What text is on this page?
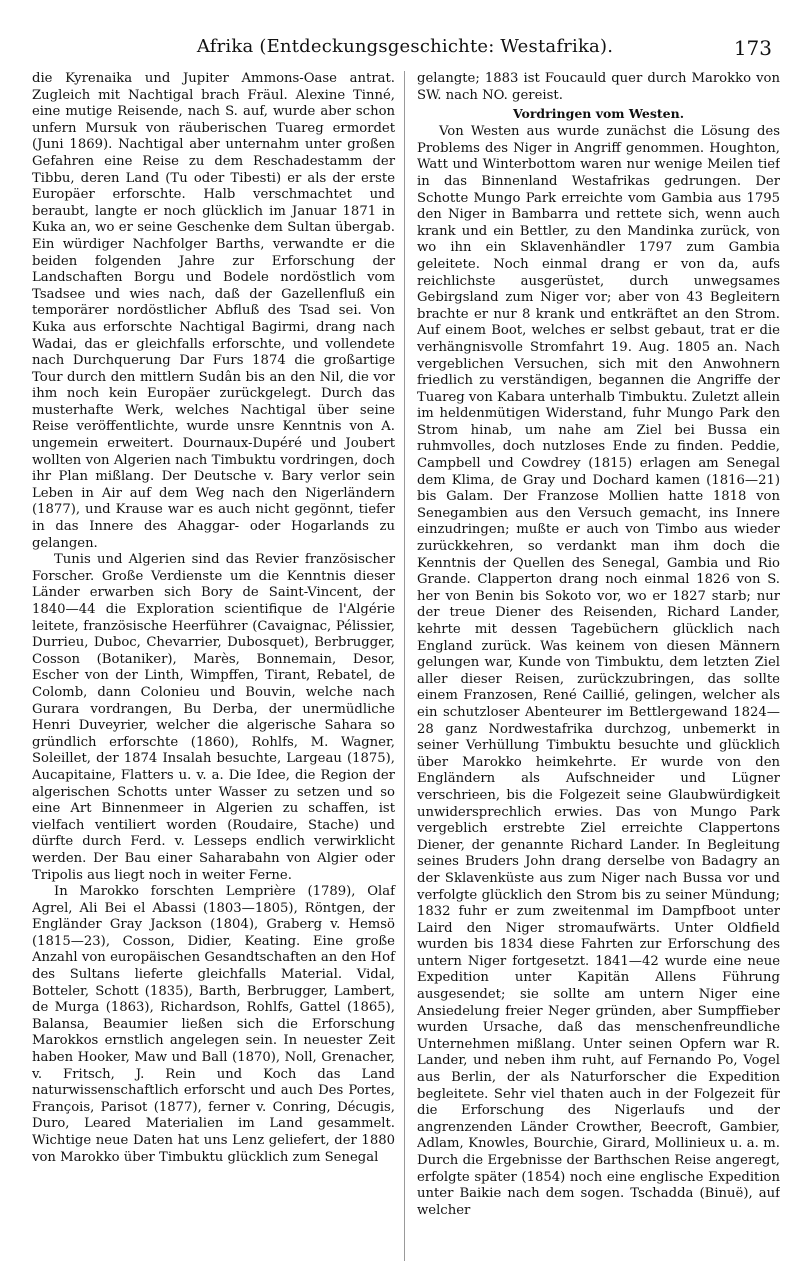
Afrika (Entdeckungsgeschichte: Westafrika).	173

die Kyrenaika und Jupiter Ammons-Oase antrat. Zugleich mit Nachtigal brach Fräul. Alexine Tinné, eine mutige Reisende, nach S. auf, wurde aber schon unfern Mursuk von räuberischen Tuareg ermordet (Juni 1869). Nachtigal aber unternahm unter großen Gefahren eine Reise zu dem Reschadestamm der Tibbu, deren Land (Tu oder Tibesti) er als der erste Europäer erforschte. Halb verschmachtet und beraubt, langte er noch glücklich im Januar 1871 in Kuka an, wo er seine Geschenke dem Sultan übergab. Ein würdiger Nachfolger Barths, verwandte er die beiden folgenden Jahre zur Erforschung der Landschaften Borgu und Bodele nordöstlich vom Tsadsee und wies nach, daß der Gazellenfluß ein temporärer nordöstlicher Abfluß des Tsad sei. Von Kuka aus erforschte Nachtigal Bagirmi, drang nach Wadai, das er gleichfalls erforschte, und vollendete nach Durchquerung Dar Furs 1874 die großartige Tour durch den mittlern Sudân bis an den Nil, die vor ihm noch kein Europäer zurückgelegt. Durch das musterhafte Werk, welches Nachtigal über seine Reise veröffentlichte, wurde unsre Kenntnis von A. ungemein erweitert. Dournaux-Dupéré und Joubert wollten von Algerien nach Timbuktu vordringen, doch ihr Plan mißlang. Der Deutsche v. Bary verlor sein Leben in Air auf dem Weg nach den Nigerländern (1877), und Krause war es auch nicht gegönnt, tiefer in das Innere des Ahaggar- oder Hogarlands zu gelangen.

Tunis und Algerien sind das Revier französischer Forscher. Große Verdienste um die Kenntnis dieser Länder erwarben sich Bory de Saint-Vincent, der 1840—44 die Exploration scientifique de l'Algérie leitete, französische Heerführer (Cavaignac, Pélissier, Durrieu, Duboc, Chevarrier, Dubosquet), Berbrugger, Cosson (Botaniker), Marès, Bonnemain, Desor, Escher von der Linth, Wimpffen, Tirant, Rebatel, de Colomb, dann Colonieu und Bouvin, welche nach Gurara vordrangen, Bu Derba, der unermüdliche Henri Duveyrier, welcher die algerische Sahara so gründlich erforschte (1860), Rohlfs, M. Wagner, Soleillet, der 1874 Insalah besuchte, Largeau (1875), Aucapitaine, Flatters u. v. a. Die Idee, die Region der algerischen Schotts unter Wasser zu setzen und so eine Art Binnenmeer in Algerien zu schaffen, ist vielfach ventiliert worden (Roudaire, Stache) und dürfte durch Ferd. v. Lesseps endlich verwirklicht werden. Der Bau einer Saharabahn von Algier oder Tripolis aus liegt noch in weiter Ferne.

In Marokko forschten Lemprière (1789), Olaf Agrel, Ali Bei el Abassi (1803—1805), Röntgen, der Engländer Gray Jackson (1804), Graberg v. Hemsö (1815—23), Cosson, Didier, Keating. Eine große Anzahl von europäischen Gesandtschaften an den Hof des Sultans lieferte gleichfalls Material. Vidal, Botteler, Schott (1835), Barth, Berbrugger, Lambert, de Murga (1863), Richardson, Rohlfs, Gattel (1865), Balansa, Beaumier ließen sich die Erforschung Marokkos ernstlich angelegen sein. In neuester Zeit haben Hooker, Maw und Ball (1870), Noll, Grenacher, v. Fritsch, J. Rein und Koch das Land naturwissenschaftlich erforscht und auch Des Portes, François, Parisot (1877), ferner v. Conring, Décugis, Duro, Leared Materialien im Land gesammelt. Wichtige neue Daten hat uns Lenz geliefert, der 1880 von Marokko über Timbuktu glücklich zum Senegal

gelangte; 1883 ist Foucauld quer durch Marokko von SW. nach NO. gereist.

Vordringen vom Westen.

Von Westen aus wurde zunächst die Lösung des Problems des Niger in Angriff genommen. Houghton, Watt und Winterbottom waren nur wenige Meilen tief in das Binnenland Westafrikas gedrungen. Der Schotte Mungo Park erreichte vom Gambia aus 1795 den Niger in Bambarra und rettete sich, wenn auch krank und ein Bettler, zu den Mandinka zurück, von wo ihn ein Sklavenhändler 1797 zum Gambia geleitete. Noch einmal drang er von da, aufs reichlichste ausgerüstet, durch unwegsames Gebirgsland zum Niger vor; aber von 43 Begleitern brachte er nur 8 krank und entkräftet an den Strom. Auf einem Boot, welches er selbst gebaut, trat er die verhängnisvolle Stromfahrt 19. Aug. 1805 an. Nach vergeblichen Versuchen, sich mit den Anwohnern friedlich zu verständigen, begannen die Angriffe der Tuareg von Kabara unterhalb Timbuktu. Zuletzt allein im heldenmütigen Widerstand, fuhr Mungo Park den Strom hinab, um nahe am Ziel bei Bussa ein ruhmvolles, doch nutzloses Ende zu finden. Peddie, Campbell und Cowdrey (1815) erlagen am Senegal dem Klima, de Gray und Dochard kamen (1816—21) bis Galam. Der Franzose Mollien hatte 1818 von Senegambien aus den Versuch gemacht, ins Innere einzudringen; mußte er auch von Timbo aus wieder zurückkehren, so verdankt man ihm doch die Kenntnis der Quellen des Senegal, Gambia und Rio Grande. Clapperton drang noch einmal 1826 von S. her von Benin bis Sokoto vor, wo er 1827 starb; nur der treue Diener des Reisenden, Richard Lander, kehrte mit dessen Tagebüchern glücklich nach England zurück. Was keinem von diesen Männern gelungen war, Kunde von Timbuktu, dem letzten Ziel aller dieser Reisen, zurückzubringen, das sollte einem Franzosen, René Caillié, gelingen, welcher als ein schutzloser Abenteurer im Bettlergewand 1824—28 ganz Nordwestafrika durchzog, unbemerkt in seiner Verhüllung Timbuktu besuchte und glücklich über Marokko heimkehrte. Er wurde von den Engländern als Aufschneider und Lügner verschrieen, bis die Folgezeit seine Glaubwürdigkeit unwidersprechlich erwies. Das von Mungo Park vergeblich erstrebte Ziel erreichte Clappertons Diener, der genannte Richard Lander. In Begleitung seines Bruders John drang derselbe von Badagry an der Sklavenküste aus zum Niger nach Bussa vor und verfolgte glücklich den Strom bis zu seiner Mündung; 1832 fuhr er zum zweitenmal im Dampfboot unter Laird den Niger stromaufwärts. Unter Oldfield wurden bis 1834 diese Fahrten zur Erforschung des untern Niger fortgesetzt. 1841—42 wurde eine neue Expedition unter Kapitän Allens Führung ausgesendet; sie sollte am untern Niger eine Ansiedelung freier Neger gründen, aber Sumpffieber wurden Ursache, daß das menschenfreundliche Unternehmen mißlang. Unter seinen Opfern war R. Lander, und neben ihm ruht, auf Fernando Po, Vogel aus Berlin, der als Naturforscher die Expedition begleitete. Sehr viel thaten auch in der Folgezeit für die Erforschung des Nigerlaufs und der angrenzenden Länder Crowther, Beecroft, Gambier, Adlam, Knowles, Bourchie, Girard, Mollinieux u. a. m. Durch die Ergebnisse der Barthschen Reise angeregt, erfolgte später (1854) noch eine englische Expedition unter Baikie nach dem sogen. Tschadda (Binuë), auf welcher
